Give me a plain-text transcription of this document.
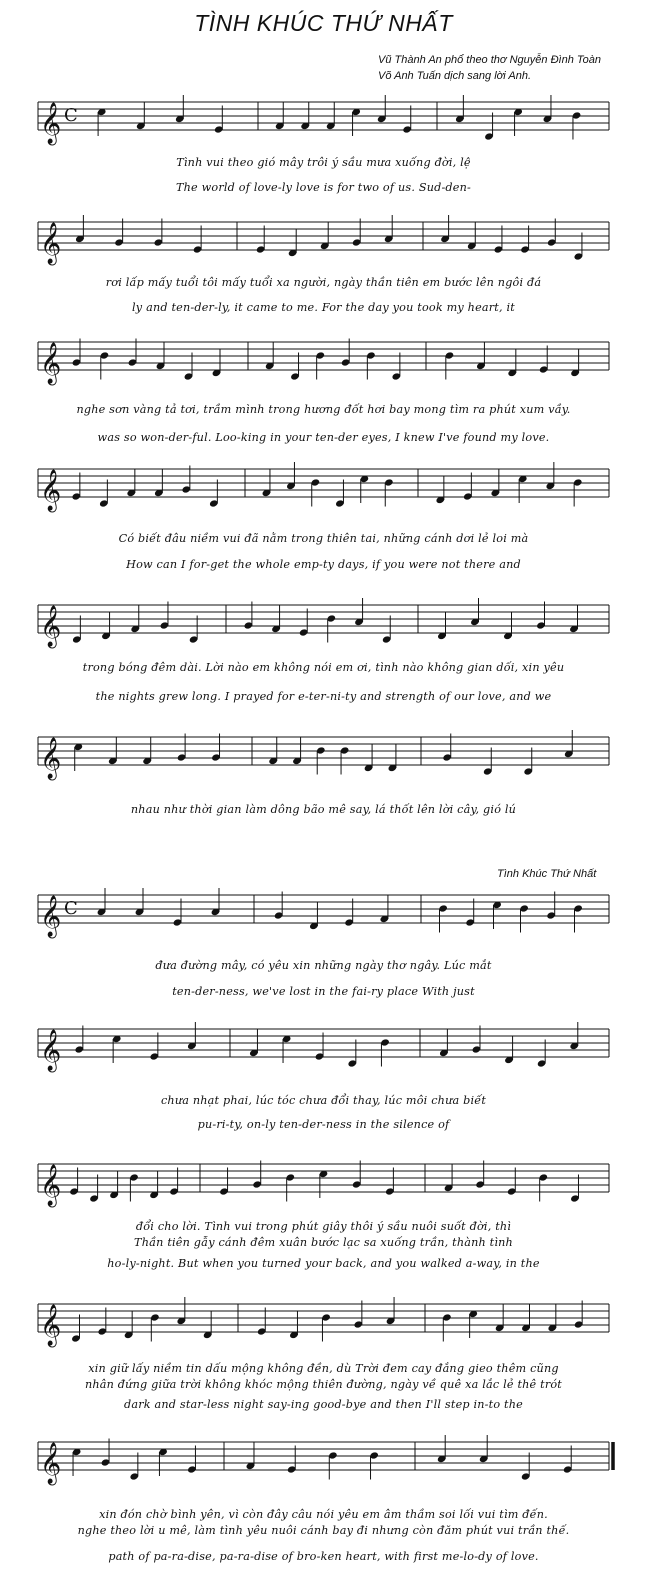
TÌNH KHÚC THỨ NHẤT
Vũ Thành An phổ theo thơ Nguyễn Đình Toàn
Võ Anh Tuấn dịch sang lời Anh.
Tình Khúc Thứ Nhất
𝄞 C
Tình vui theo gió mây trôi ý sầu mưa xuống đời, lệ
The world of love-ly love is for two of us. Sud-den-
𝄞
rơi lấp mấy tuổi tôi mấy tuổi xa người, ngày thần tiên em bước lên ngôi đá
ly and ten-der-ly, it came to me. For the day you took my heart, it
𝄞
nghe sơn vàng tả tơi, trầm mình trong hương đốt hơi bay mong tìm ra phút xum vầy.
was so won-der-ful. Loo-king in your ten-der eyes, I knew I've found my love.
𝄞
Có biết đâu niềm vui đã nằm trong thiên tai, những cánh dơi lẻ loi mà
How can I for-get the whole emp-ty days, if you were not there and
𝄞
trong bóng đêm dài. Lời nào em không nói em ơi, tình nào không gian dối, xin yêu
the nights grew long. I prayed for e-ter-ni-ty and strength of our love, and we
𝄞
nhau như thời gian làm dông bão mê say, lá thốt lên lời cây, gió lú
𝄞 C
đưa đường mây, có yêu xin những ngày thơ ngây. Lúc mắt
ten-der-ness, we've lost in the fai-ry place With just
𝄞
chưa nhạt phai, lúc tóc chưa đổi thay, lúc môi chưa biết
pu-ri-ty, on-ly ten-der-ness in the silence of
𝄞
đổi cho lời. Tình vui trong phút giây thôi ý sầu nuôi suốt đời, thì
Thần tiên gẫy cánh đêm xuân bước lạc sa xuống trần, thành tình
ho-ly-night. But when you turned your back, and you walked a-way, in the
𝄞
xin giữ lấy niềm tin dấu mộng không đền, dù Trời đem cay đắng gieo thêm cũng
nhân đứng giữa trời không khóc mộng thiên đường, ngày về quê xa lắc lẻ thê trót
dark and star-less night say-ing good-bye and then I'll step in-to the
𝄞
xin đón chờ bình yên, vì còn đây câu nói yêu em âm thầm soi lối vui tìm đến.
nghe theo lời u mê, làm tình yêu nuôi cánh bay đi nhưng còn đăm phút vui trần thế.
path of pa-ra-dise, pa-ra-dise of bro-ken heart, with first me-lo-dy of love.
